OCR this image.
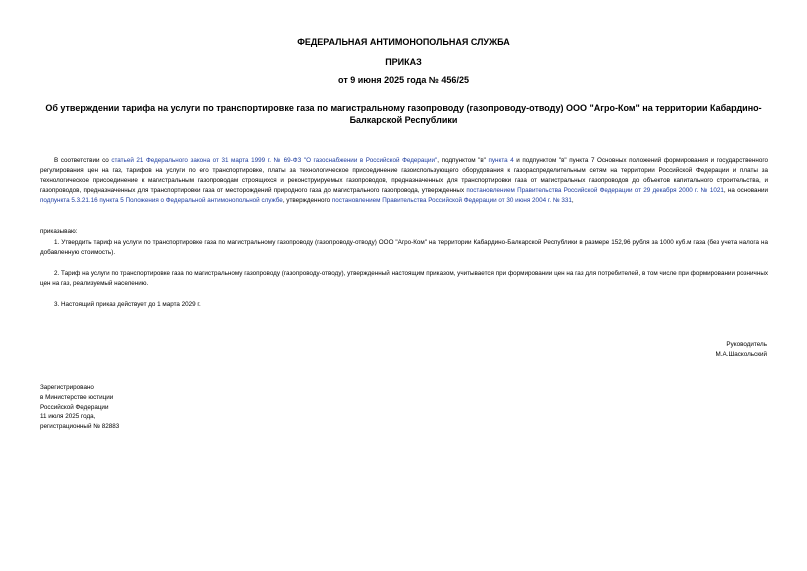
ФЕДЕРАЛЬНАЯ АНТИМОНОПОЛЬНАЯ СЛУЖБА
ПРИКАЗ
от 9 июня 2025 года № 456/25
Об утверждении тарифа на услуги по транспортировке газа по магистральному газопроводу (газопроводу-отводу) ООО "Агро-Ком" на территории Кабардино-Балкарской Республики
В соответствии со статьей 21 Федерального закона от 31 марта 1999 г. № 69-ФЗ "О газоснабжении в Российской Федерации", подпунктом "в" пункта 4 и подпунктом "в" пункта 7 Основных положений формирования и государственного регулирования цен на газ, тарифов на услуги по его транспортировке, платы за технологическое присоединение газоиспользующего оборудования к газораспределительным сетям на территории Российской Федерации и платы за технологическое присоединение к магистральным газопроводам строящихся и реконструируемых газопроводов, предназначенных для транспортировки газа от магистральных газопроводов до объектов капитального строительства, и газопроводов, предназначенных для транспортировки газа от месторождений природного газа до магистрального газопровода, утвержденных постановлением Правительства Российской Федерации от 29 декабря 2000 г. № 1021, на основании подпункта 5.3.21.16 пункта 5 Положения о Федеральной антимонопольной службе, утвержденного постановлением Правительства Российской Федерации от 30 июня 2004 г. № 331,
приказываю:
1. Утвердить тариф на услуги по транспортировке газа по магистральному газопроводу (газопроводу-отводу) ООО "Агро-Ком" на территории Кабардино-Балкарской Республики в размере 152,96 рубля за 1000 куб.м газа (без учета налога на добавленную стоимость).
2. Тариф на услуги по транспортировке газа по магистральному газопроводу (газопроводу-отводу), утвержденный настоящим приказом, учитывается при формировании цен на газ для потребителей, в том числе при формировании розничных цен на газ, реализуемый населению.
3. Настоящий приказ действует до 1 марта 2029 г.
Руководитель
М.А.Шаскольский
Зарегистрировано
в Министерстве юстиции
Российской Федерации
11 июля 2025 года,
регистрационный № 82883
